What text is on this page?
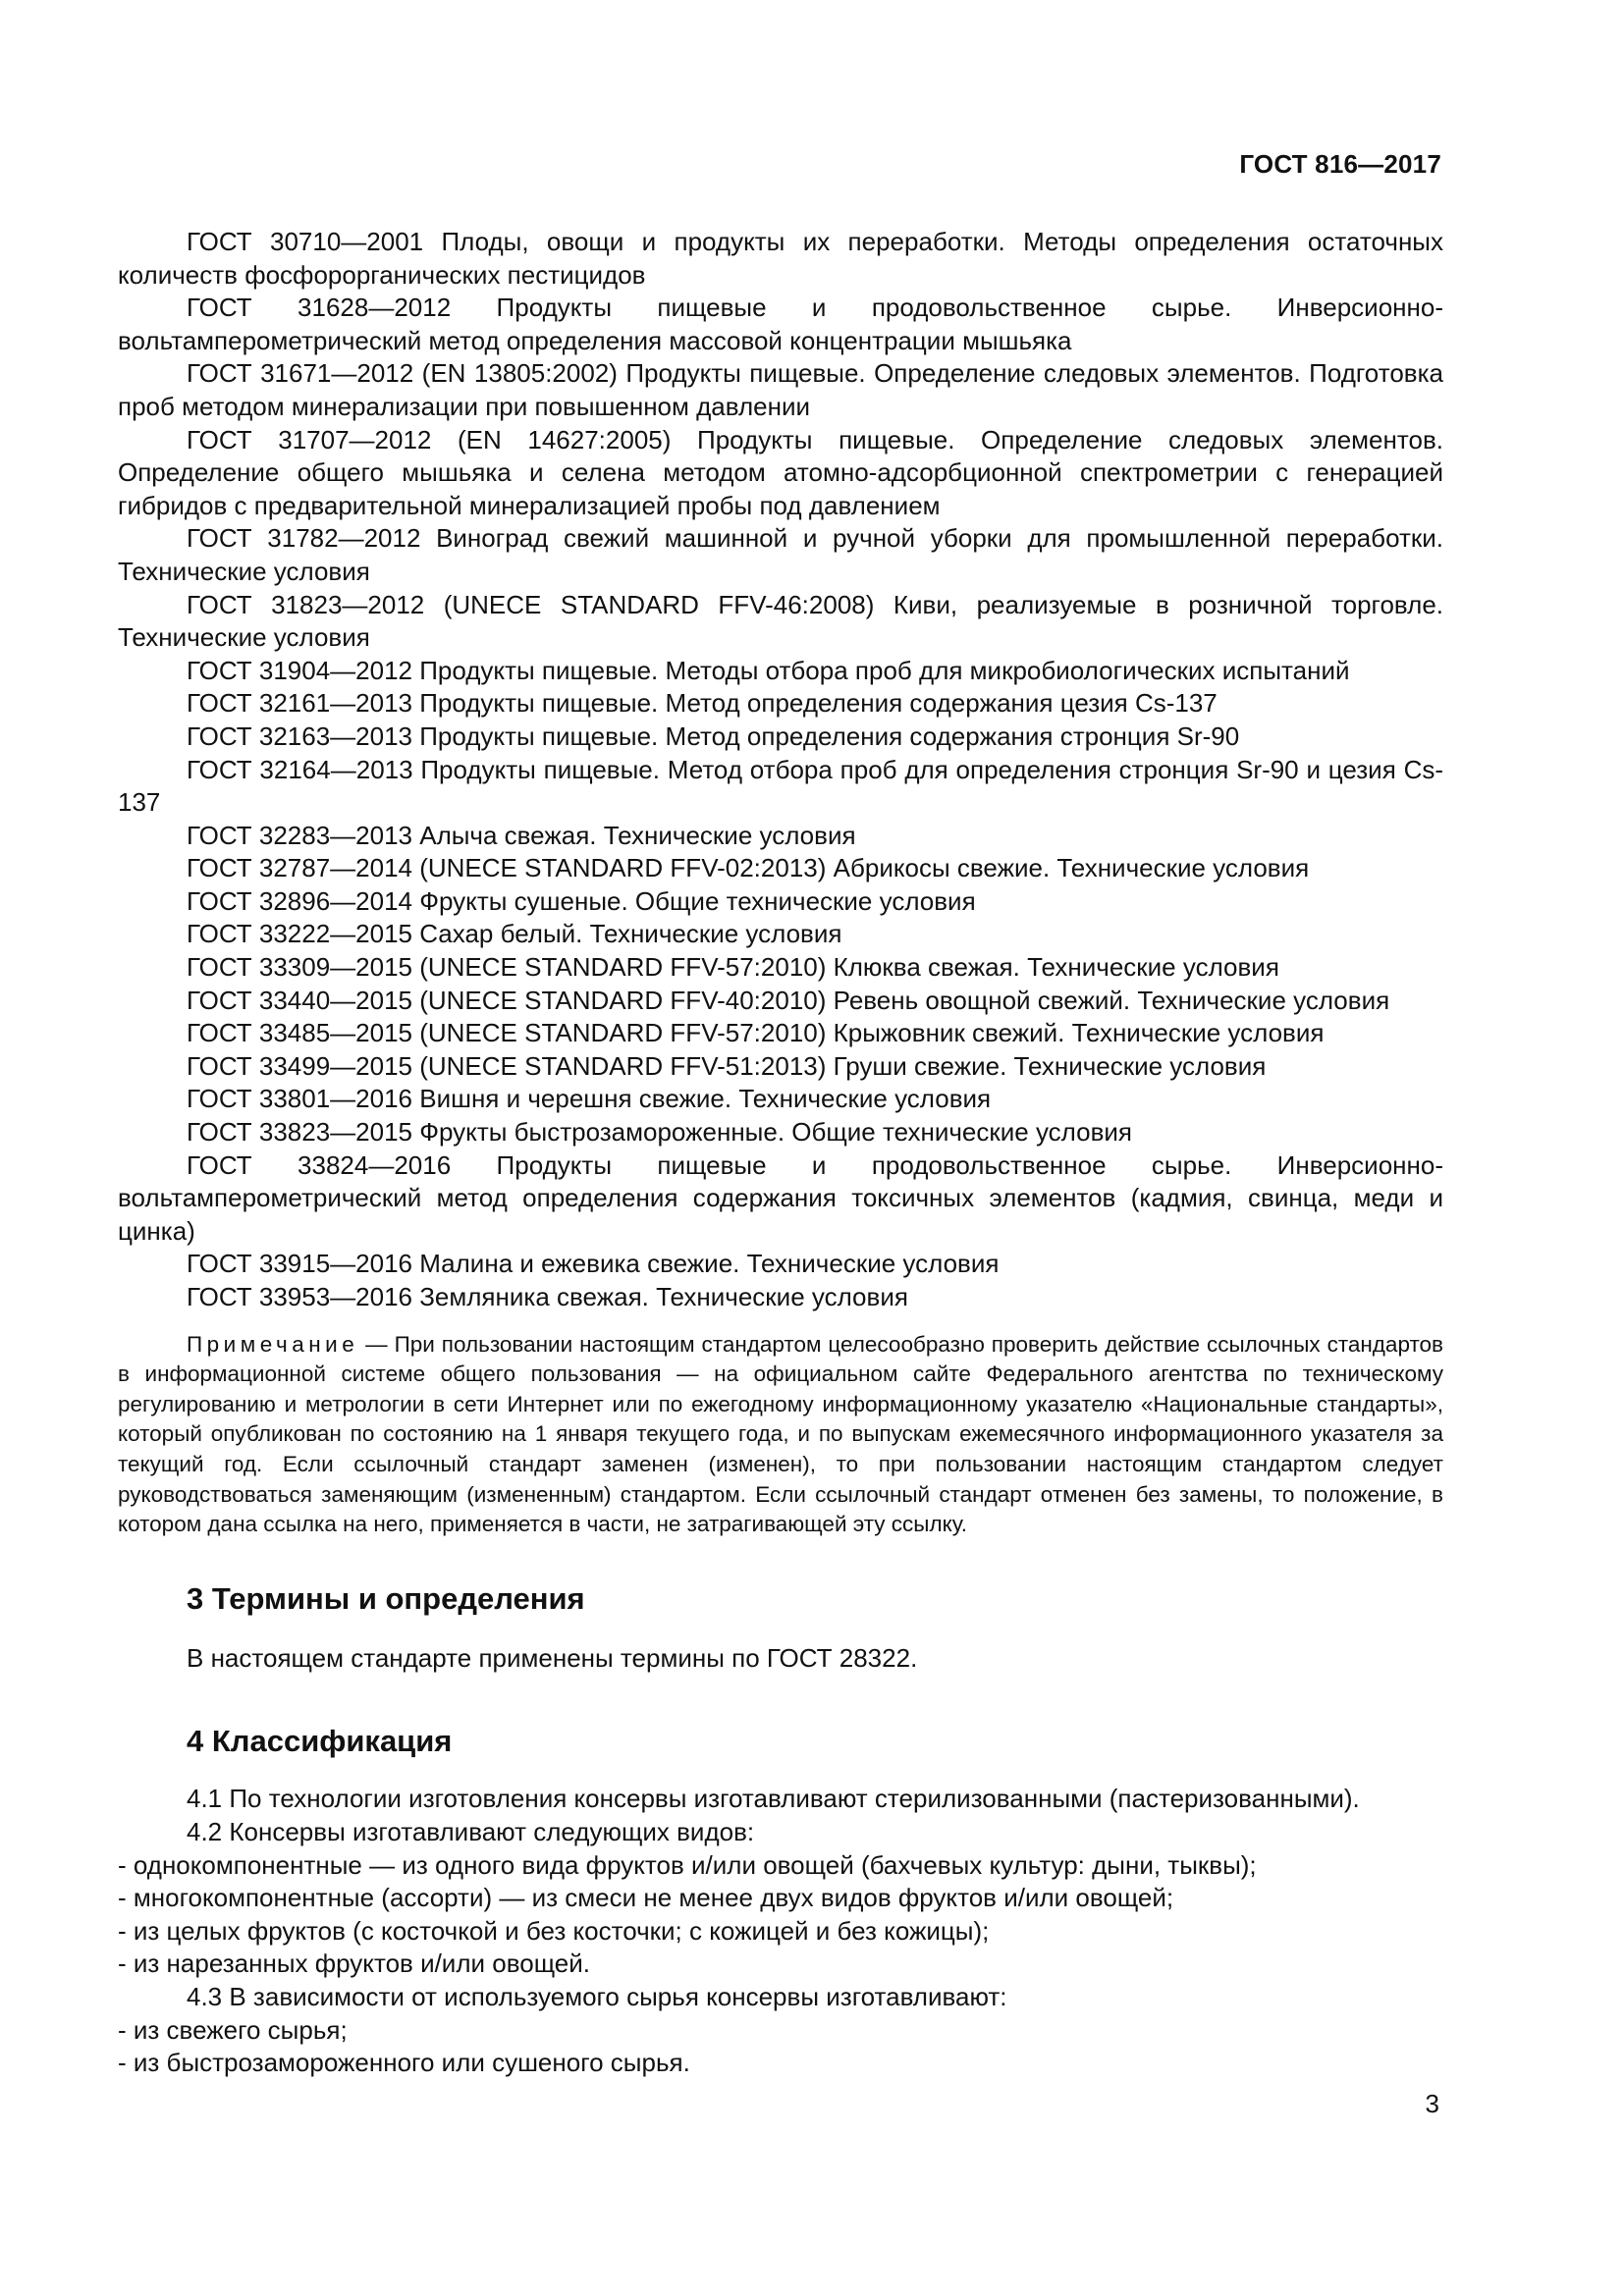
ГОСТ 816—2017
ГОСТ 30710—2001 Плоды, овощи и продукты их переработки. Методы определения остаточных количеств фосфорорганических пестицидов
ГОСТ 31628—2012 Продукты пищевые и продовольственное сырье. Инверсионно-вольтамперометрический метод определения массовой концентрации мышьяка
ГОСТ 31671—2012 (EN 13805:2002) Продукты пищевые. Определение следовых элементов. Подготовка проб методом минерализации при повышенном давлении
ГОСТ 31707—2012 (EN 14627:2005) Продукты пищевые. Определение следовых элементов. Определение общего мышьяка и селена методом атомно-адсорбционной спектрометрии с генерацией гибридов с предварительной минерализацией пробы под давлением
ГОСТ 31782—2012 Виноград свежий машинной и ручной уборки для промышленной переработки. Технические условия
ГОСТ 31823—2012 (UNECE STANDARD FFV-46:2008) Киви, реализуемые в розничной торговле. Технические условия
ГОСТ 31904—2012 Продукты пищевые. Методы отбора проб для микробиологических испытаний
ГОСТ 32161—2013 Продукты пищевые. Метод определения содержания цезия Cs-137
ГОСТ 32163—2013 Продукты пищевые. Метод определения содержания стронция Sr-90
ГОСТ 32164—2013 Продукты пищевые. Метод отбора проб для определения стронция Sr-90 и цезия Cs-137
ГОСТ 32283—2013 Алыча свежая. Технические условия
ГОСТ 32787—2014 (UNECE STANDARD FFV-02:2013) Абрикосы свежие. Технические условия
ГОСТ 32896—2014 Фрукты сушеные. Общие технические условия
ГОСТ 33222—2015 Сахар белый. Технические условия
ГОСТ 33309—2015 (UNECE STANDARD FFV-57:2010) Клюква свежая. Технические условия
ГОСТ 33440—2015 (UNECE STANDARD FFV-40:2010) Ревень овощной свежий. Технические условия
ГОСТ 33485—2015 (UNECE STANDARD FFV-57:2010) Крыжовник свежий. Технические условия
ГОСТ 33499—2015 (UNECE STANDARD FFV-51:2013) Груши свежие. Технические условия
ГОСТ 33801—2016 Вишня и черешня свежие. Технические условия
ГОСТ 33823—2015 Фрукты быстрозамороженные. Общие технические условия
ГОСТ 33824—2016 Продукты пищевые и продовольственное сырье. Инверсионно-вольтамперометрический метод определения содержания токсичных элементов (кадмия, свинца, меди и цинка)
ГОСТ 33915—2016 Малина и ежевика свежие. Технические условия
ГОСТ 33953—2016 Земляника свежая. Технические условия
Примечание — При пользовании настоящим стандартом целесообразно проверить действие ссылочных стандартов в информационной системе общего пользования — на официальном сайте Федерального агентства по техническому регулированию и метрологии в сети Интернет или по ежегодному информационному указателю «Национальные стандарты», который опубликован по состоянию на 1 января текущего года, и по выпускам ежемесячного информационного указателя за текущий год. Если ссылочный стандарт заменен (изменен), то при пользовании настоящим стандартом следует руководствоваться заменяющим (измененным) стандартом. Если ссылочный стандарт отменен без замены, то положение, в котором дана ссылка на него, применяется в части, не затрагивающей эту ссылку.
3 Термины и определения
В настоящем стандарте применены термины по ГОСТ 28322.
4 Классификация
4.1 По технологии изготовления консервы изготавливают стерилизованными (пастеризованными).
4.2 Консервы изготавливают следующих видов:
- однокомпонентные — из одного вида фруктов и/или овощей (бахчевых культур: дыни, тыквы);
- многокомпонентные (ассорти) — из смеси не менее двух видов фруктов и/или овощей;
- из целых фруктов (с косточкой и без косточки; с кожицей и без кожицы);
- из нарезанных фруктов и/или овощей.
4.3 В зависимости от используемого сырья консервы изготавливают:
- из свежего сырья;
- из быстрозамороженного или сушеного сырья.
3
